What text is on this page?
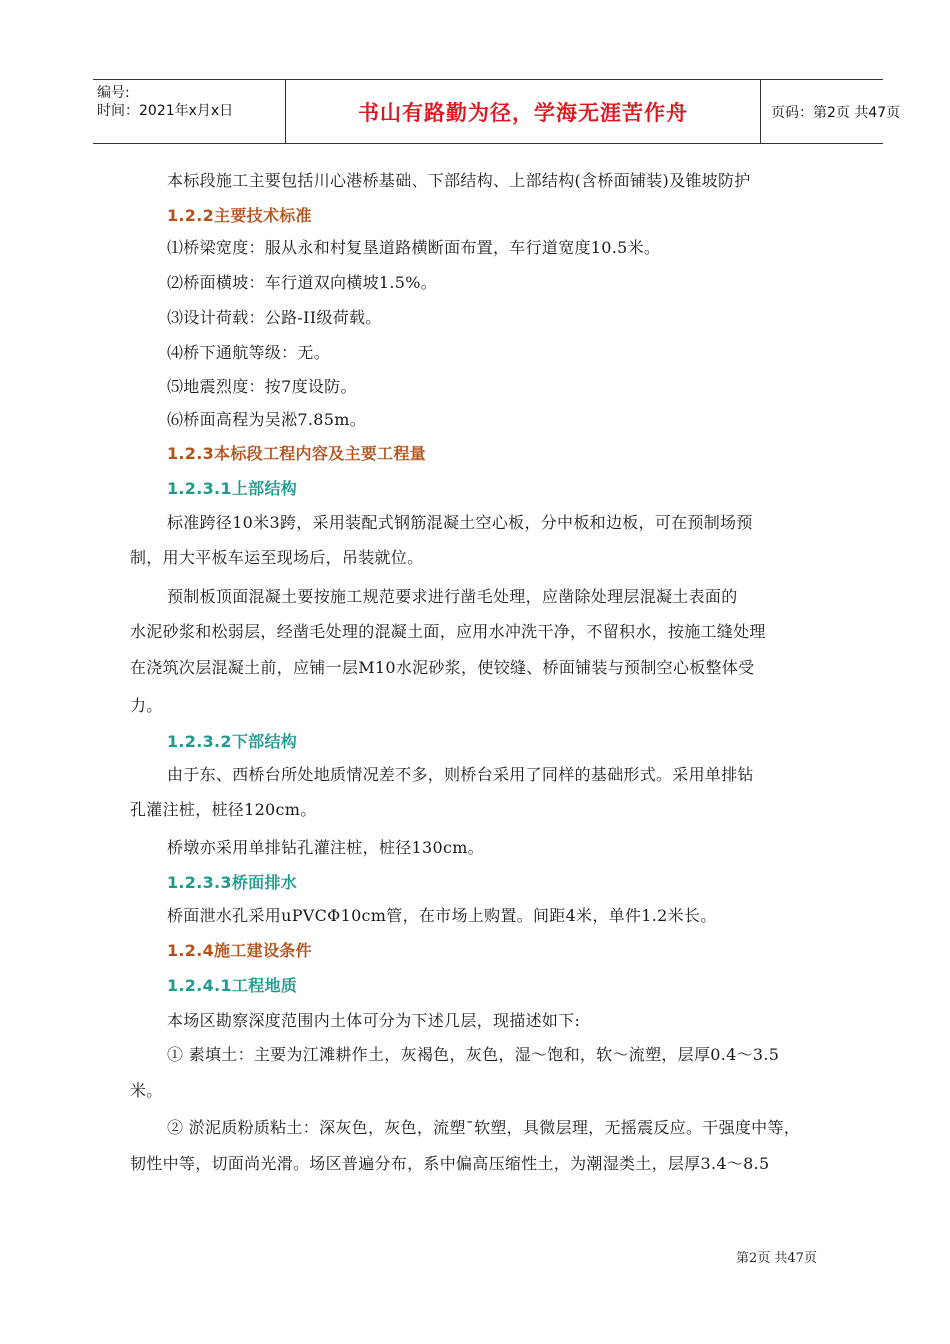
编号:
时间：2021年x月x日	书山有路勤为径，学海无涯苦作舟	页码：第2页 共47页
本标段施工主要包括川心港桥基础、下部结构、上部结构(含桥面铺装)及锥坡防护
1.2.2主要技术标准
⑴桥梁宽度：服从永和村复垦道路横断面布置，车行道宽度10.5米。
⑵桥面横坡：车行道双向横坡1.5%。
⑶设计荷载：公路-II级荷载。
⑷桥下通航等级：无。
⑸地震烈度：按7度设防。
⑹桥面高程为吴淞7.85m。
1.2.3本标段工程内容及主要工程量
1.2.3.1上部结构
标准跨径10米3跨，采用装配式钢筋混凝土空心板，分中板和边板，可在预制场预
制，用大平板车运至现场后，吊装就位。
预制板顶面混凝土要按施工规范要求进行凿毛处理，应凿除处理层混凝土表面的
水泥砂浆和松弱层，经凿毛处理的混凝土面，应用水冲洗干净，不留积水，按施工缝处理
在浇筑次层混凝土前，应铺一层M10水泥砂浆，使铰缝、桥面铺装与预制空心板整体受
力。
1.2.3.2下部结构
由于东、西桥台所处地质情况差不多，则桥台采用了同样的基础形式。采用单排钻
孔灌注桩，桩径120cm。
桥墩亦采用单排钻孔灌注桩，桩径130cm。
1.2.3.3桥面排水
桥面泄水孔采用uPVCΦ10cm管，在市场上购置。间距4米，单件1.2米长。
1.2.4施工建设条件
1.2.4.1工程地质
本场区勘察深度范围内土体可分为下述几层，现描述如下:
① 素填土：主要为江滩耕作土，灰褐色，灰色，湿～饱和，软～流塑，层厚0.4～3.5
米。
② 淤泥质粉质粘土：深灰色，灰色，流塑¯软塑，具微层理，无摇震反应。干强度中等，
韧性中等，切面尚光滑。场区普遍分布，系中偏高压缩性土，为潮湿类土，层厚3.4～8.5
第2页 共47页
